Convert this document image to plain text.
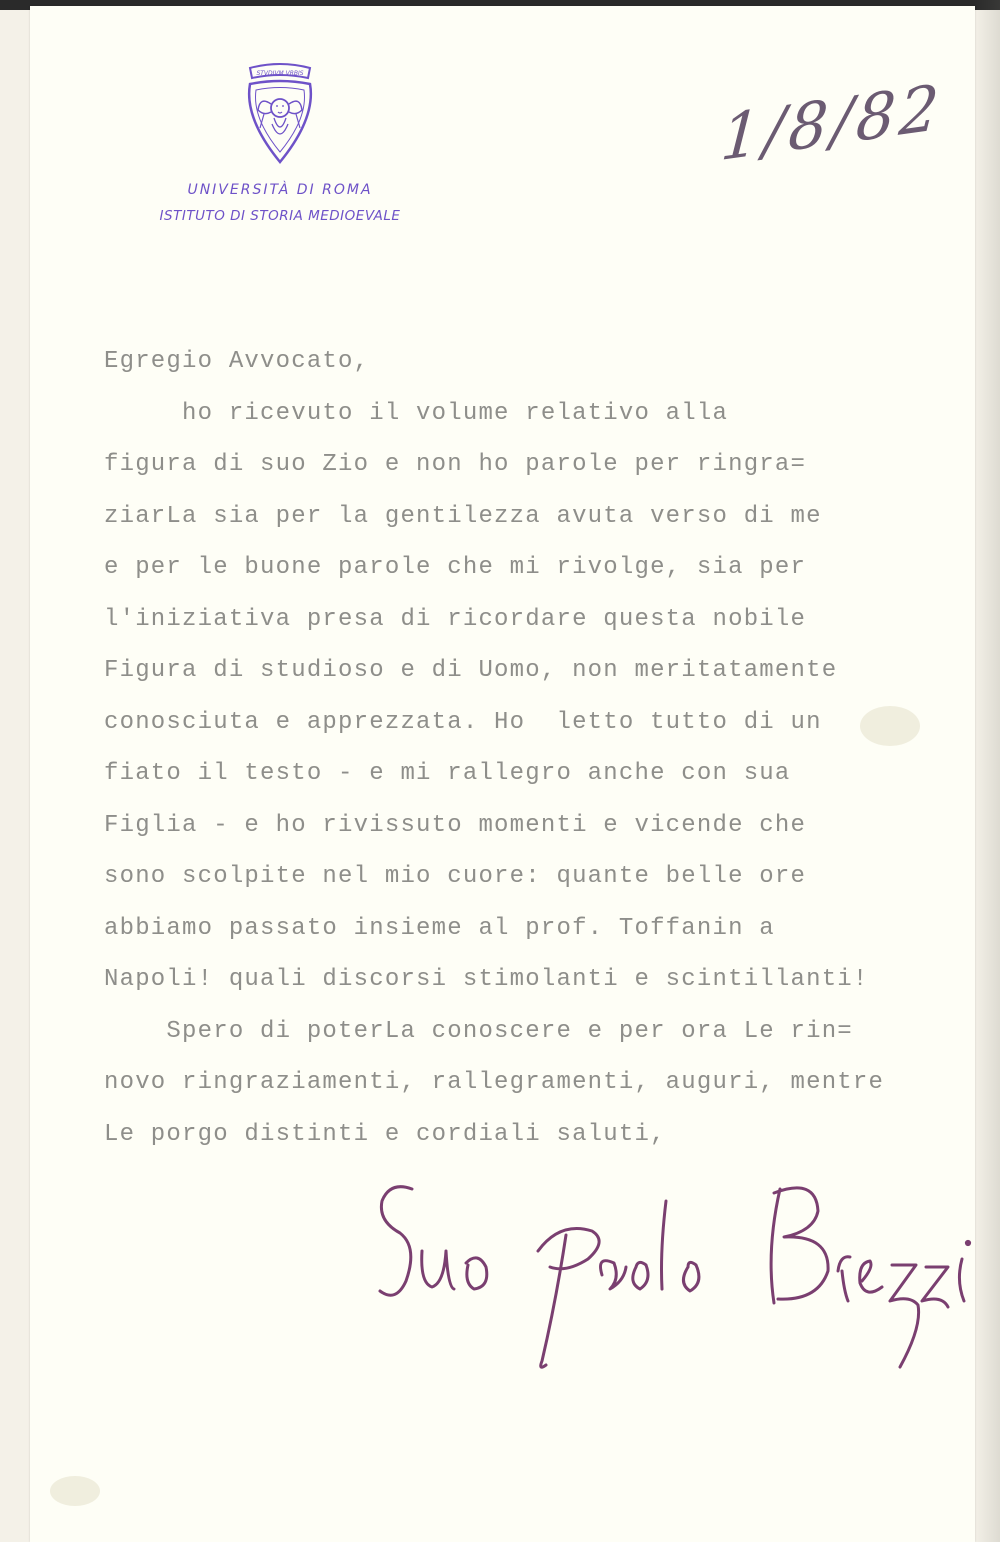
STVDIVM VRBIS
UNIVERSITÀ DI ROMA
ISTITUTO DI STORIA MEDIOEVALE
1/8/82

Egregio Avvocato,

ho ricevuto il volume relativo alla

figura di suo Zio e non ho parole per ringra=

ziarLa sia per la gentilezza avuta verso di me

e per le buone parole che mi rivolge, sia per

l'iniziativa presa di ricordare questa nobile

Figura di studioso e di Uomo, non meritatamente

conosciuta e apprezzata. Ho  letto tutto di un

fiato il testo - e mi rallegro anche con sua

Figlia - e ho rivissuto momenti e vicende che

sono scolpite nel mio cuore: quante belle ore

abbiamo passato insieme al prof. Toffanin a

Napoli! quali discorsi stimolanti e scintillanti!

Spero di poterLa conoscere e per ora Le rin=

novo ringraziamenti, rallegramenti, auguri, mentre

Le porgo distinti e cordiali saluti,
